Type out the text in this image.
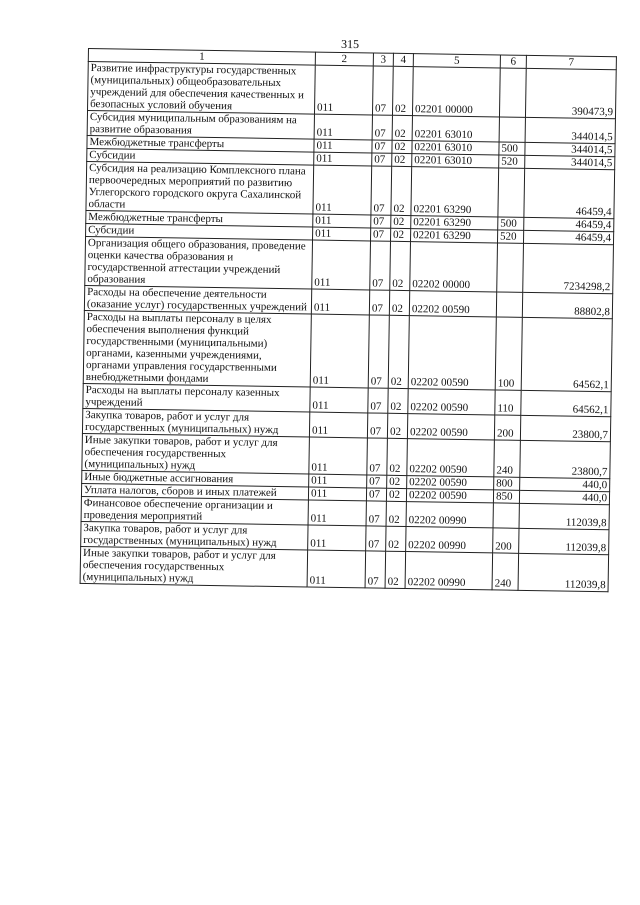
315
1	2	3	4	5	6	7
Развитие инфраструктуры государственных (муниципальных) общеобразовательных учреждений для обеспечения качественных и безопасных условий обучения	011	07	02	02201 00000		390473,9
Субсидия муниципальным образованиям на развитие образования	011	07	02	02201 63010		344014,5
Межбюджетные трансферты	011	07	02	02201 63010	500	344014,5
Субсидии	011	07	02	02201 63010	520	344014,5
Субсидия на реализацию Комплексного плана первоочередных мероприятий по развитию Углегорского городского округа Сахалинской области	011	07	02	02201 63290		46459,4
Межбюджетные трансферты	011	07	02	02201 63290	500	46459,4
Субсидии	011	07	02	02201 63290	520	46459,4
Организация общего образования, проведение оценки качества образования и государственной аттестации учреждений образования	011	07	02	02202 00000		7234298,2
Расходы на обеспечение деятельности (оказание услуг) государственных учреждений	011	07	02	02202 00590		88802,8
Расходы на выплаты персоналу в целях обеспечения выполнения функций государственными (муниципальными) органами, казенными учреждениями, органами управления государственными внебюджетными фондами	011	07	02	02202 00590	100	64562,1
Расходы на выплаты персоналу казенных учреждений	011	07	02	02202 00590	110	64562,1
Закупка товаров, работ и услуг для государственных (муниципальных) нужд	011	07	02	02202 00590	200	23800,7
Иные закупки товаров, работ и услуг для обеспечения государственных (муниципальных) нужд	011	07	02	02202 00590	240	23800,7
Иные бюджетные ассигнования	011	07	02	02202 00590	800	440,0
Уплата налогов, сборов и иных платежей	011	07	02	02202 00590	850	440,0
Финансовое обеспечение организации и проведения мероприятий	011	07	02	02202 00990		112039,8
Закупка товаров, работ и услуг для государственных (муниципальных) нужд	011	07	02	02202 00990	200	112039,8
Иные закупки товаров, работ и услуг для обеспечения государственных (муниципальных) нужд	011	07	02	02202 00990	240	112039,8
